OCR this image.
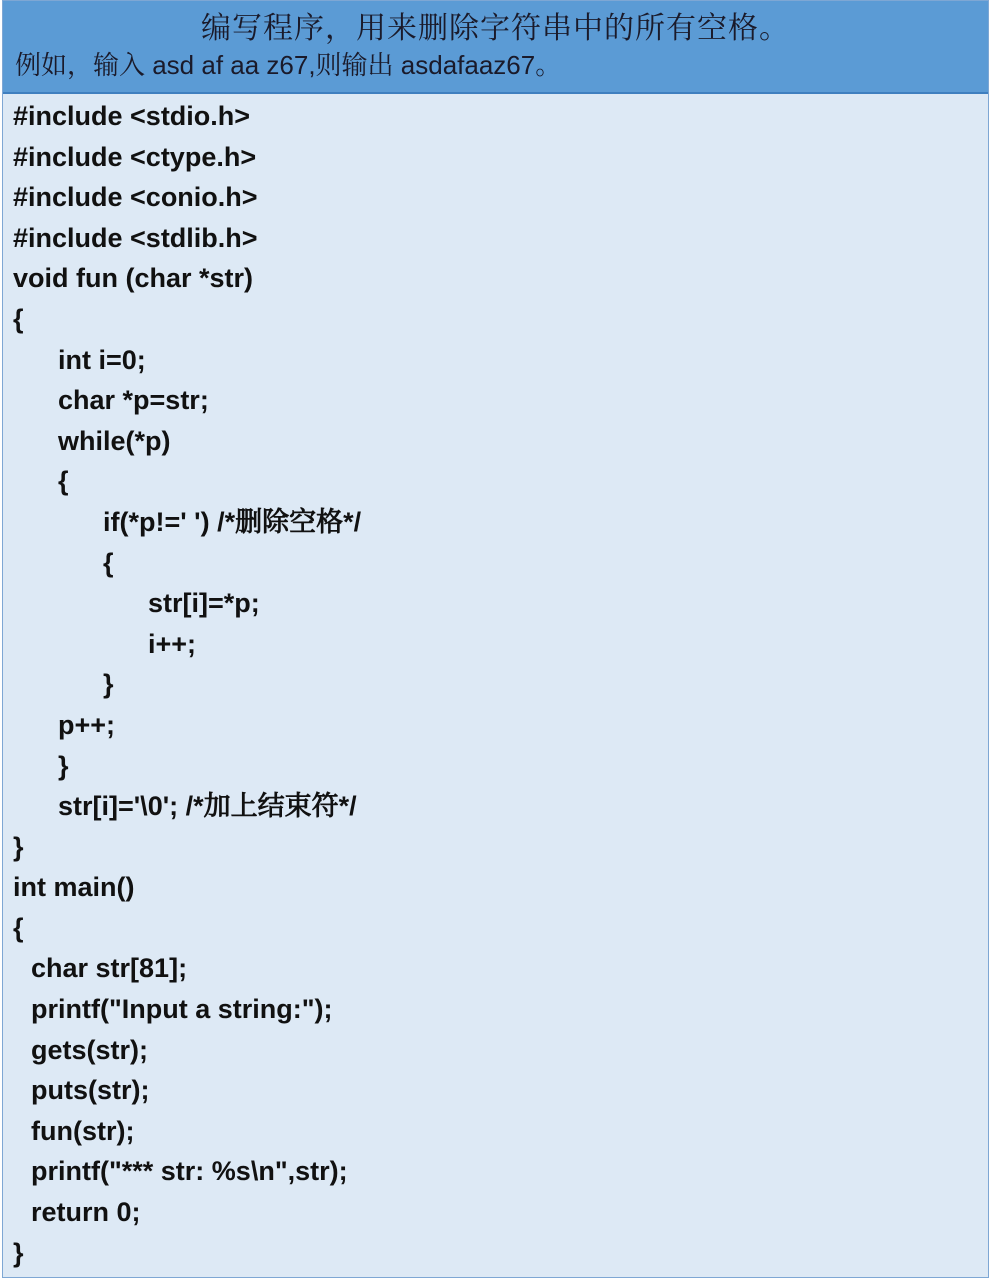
编写程序，用来删除字符串中的所有空格。
例如，输入 asd af aa z67,则输出 asdafaaz67。
#include <stdio.h>
#include <ctype.h>
#include <conio.h>
#include <stdlib.h>
void fun (char *str)
{
int i=0;
char *p=str;
while(*p)
{
if(*p!=' ') /*删除空格*/
{
str[i]=*p;
i++;
}
p++;
}
str[i]='\0'; /*加上结束符*/
}
int main()
{
char str[81];
printf("Input a string:");
gets(str);
puts(str);
fun(str);
printf("*** str: %s\n",str);
return 0;
}
